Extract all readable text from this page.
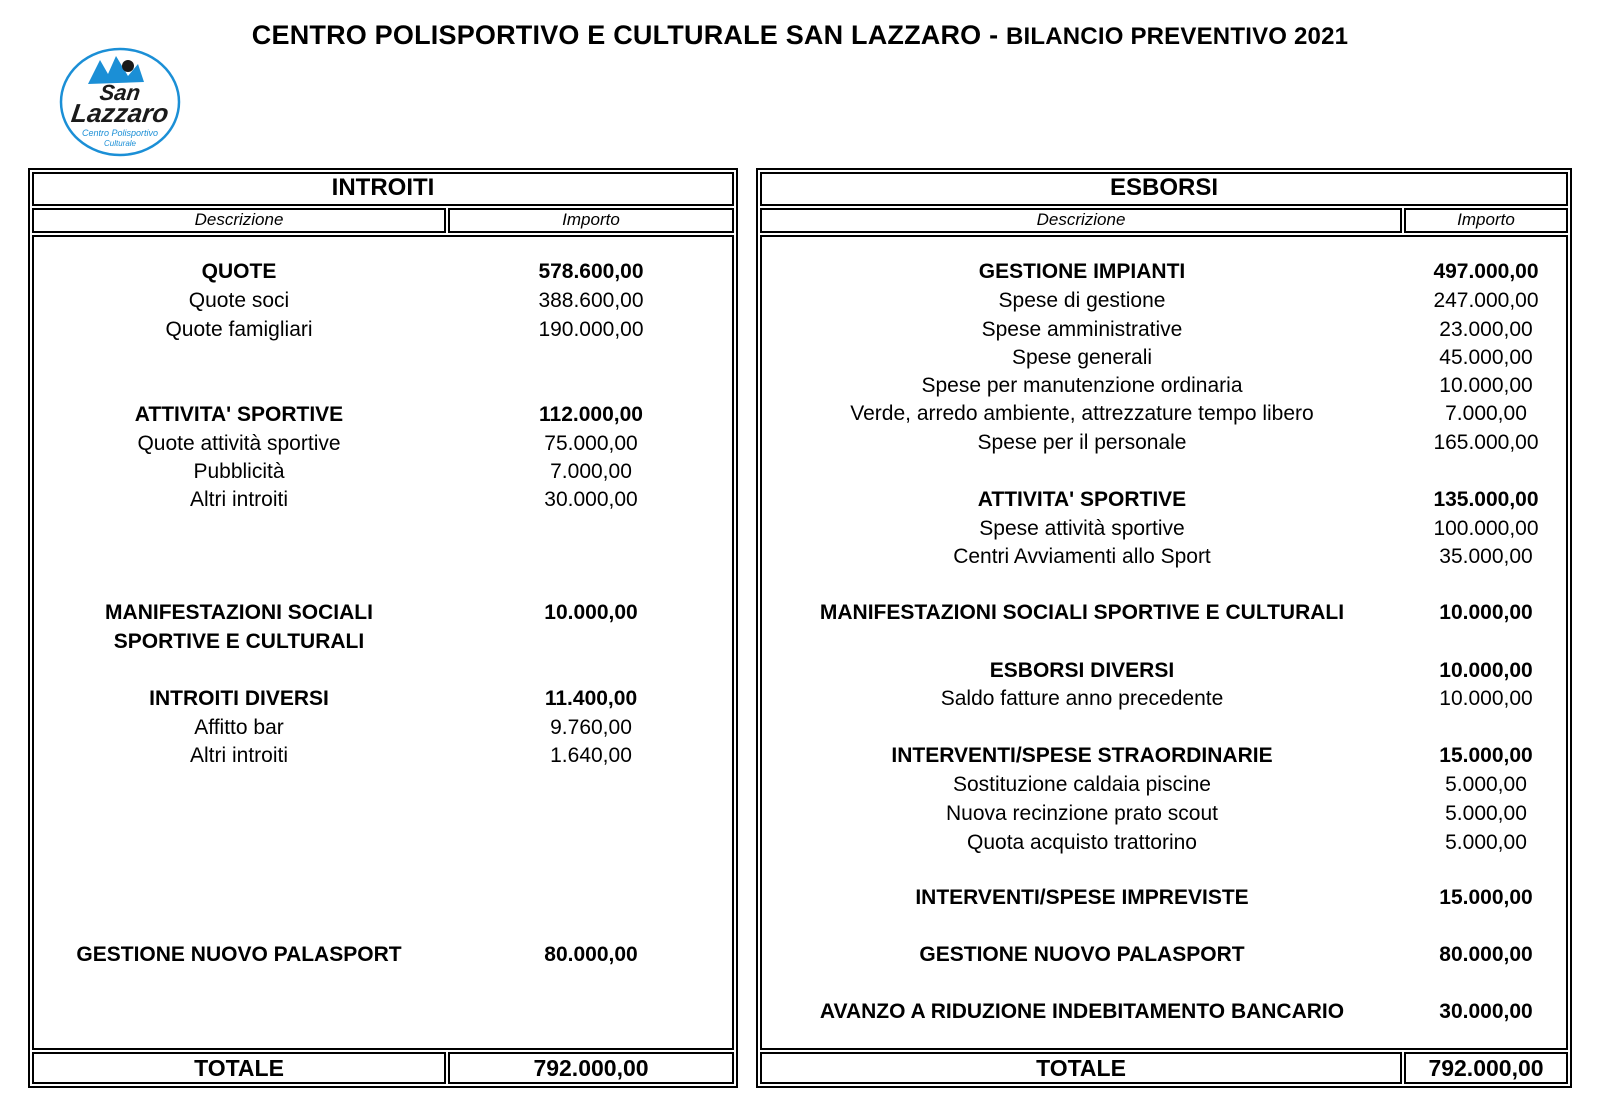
CENTRO POLISPORTIVO E CULTURALE SAN LAZZARO - BILANCIO PREVENTIVO 2021
San
Lazzaro
Centro Polisportivo
Culturale
INTROITI
Descrizione	Importo
QUOTE	578.600,00
Quote soci	388.600,00
Quote famigliari	190.000,00
ATTIVITA' SPORTIVE	112.000,00
Quote attività sportive	75.000,00
Pubblicità	7.000,00
Altri introiti	30.000,00
MANIFESTAZIONI SOCIALI	10.000,00
SPORTIVE E CULTURALI
INTROITI DIVERSI	11.400,00
Affitto bar	9.760,00
Altri introiti	1.640,00
GESTIONE NUOVO PALASPORT	80.000,00
TOTALE	792.000,00
ESBORSI
Descrizione	Importo
GESTIONE IMPIANTI	497.000,00
Spese di gestione	247.000,00
Spese amministrative	23.000,00
Spese generali	45.000,00
Spese per manutenzione ordinaria	10.000,00
Verde, arredo ambiente, attrezzature tempo libero	7.000,00
Spese per il personale	165.000,00
ATTIVITA' SPORTIVE	135.000,00
Spese attività sportive	100.000,00
Centri Avviamenti allo Sport	35.000,00
MANIFESTAZIONI SOCIALI SPORTIVE E CULTURALI	10.000,00
ESBORSI DIVERSI	10.000,00
Saldo fatture anno precedente	10.000,00
INTERVENTI/SPESE STRAORDINARIE	15.000,00
Sostituzione caldaia piscine	5.000,00
Nuova recinzione prato scout	5.000,00
Quota acquisto trattorino	5.000,00
INTERVENTI/SPESE IMPREVISTE	15.000,00
GESTIONE NUOVO PALASPORT	80.000,00
AVANZO A RIDUZIONE INDEBITAMENTO BANCARIO	30.000,00
TOTALE	792.000,00
